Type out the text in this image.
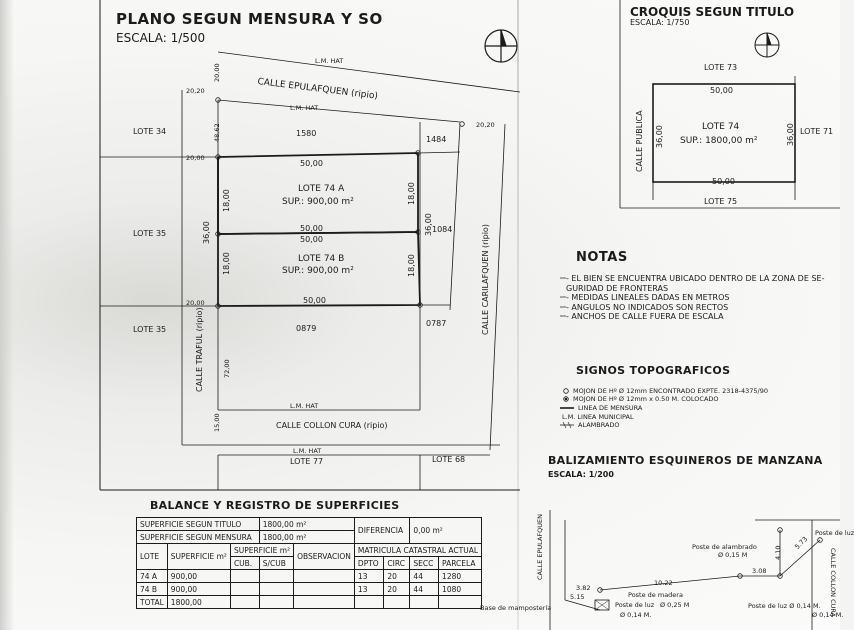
PLANO SEGUN MENSURA Y SO
ESCALA: 1/500
CALLE EPULAFQUEN (ripio)
L.M. HAT
L.M. HAT
L.M. HAT
L.M. HAT
LOTE 34
LOTE 35
LOTE 35
LOTE 77	LOTE 68
LOTE 74 A
SUP.: 900,00 m²
LOTE 74 B
SUP.: 900,00 m²
1580
1484
1084
0879
0787
50,00
50,00
50,00
50,00
18,00
18,00
18,00
18,00
36,00	36,00
20,00
20,00
20,20
20,20
48,62
72,00
15,00
20,00
CALLE COLLON CURA (ripio)
CALLE TRAFUL (ripio)
CALLE CARILAFQUEN (ripio)
CROQUIS SEGUN TITULO
ESCALA: 1/750
LOTE 73
50,00
LOTE 74
SUP.: 1800,00 m²
50,00
LOTE 75
LOTE 71
36,00	36,00
CALLE PUBLICA
NOTAS
- EL BIEN SE ENCUENTRA UBICADO DENTRO DE LA ZONA DE SE-
GURIDAD DE FRONTERAS
- MEDIDAS LINEALES DADAS EN METROS
- ANGULOS NO INDICADOS SON RECTOS
- ANCHOS DE CALLE FUERA DE ESCALA
SIGNOS TOPOGRAFICOS
MOJON DE Hº Ø 12mm ENCONTRADO EXPTE. 2318-4375/90
MOJON DE Hº Ø 12mm x 0.50 M. COLOCADO
LINEA DE MENSURA
L.M. LINEA MUNICIPAL
ALAMBRADO
BALIZAMIENTO ESQUINEROS DE MANZANA
ESCALA: 1/200
CALLE EPULAFQUEN
CALLE COLLON CURA
Poste de alambrado
Ø 0,15 M
Poste de madera
Ø 0,25 M
Poste de luz
Ø 0,14 M.
Poste de luz Ø 0,14 M.
Poste de luz
Ø 0,14 M.
Base de mampostería
10.22
3.82
5.15
3.08
4.10
5.73
BALANCE Y REGISTRO DE SUPERFICIES
SUPERFICIE SEGUN TITULO			1800,00 m²		DIFERENCIA		0,00 m²	
SUPERFICIE SEGUN MENSURA			1800,00 m²					
LOTE	SUPERFICIE m²	SUPERFICIE m²		OBSERVACION	MATRICULA CATASTRAL ACTUAL			
		CUB.	S/CUB		DPTO	CIRC	SECC	PARCELA
74 A	900,00				13	20	44	1280
74 B	900,00				13	20	44	1080
TOTAL	1800,00							
